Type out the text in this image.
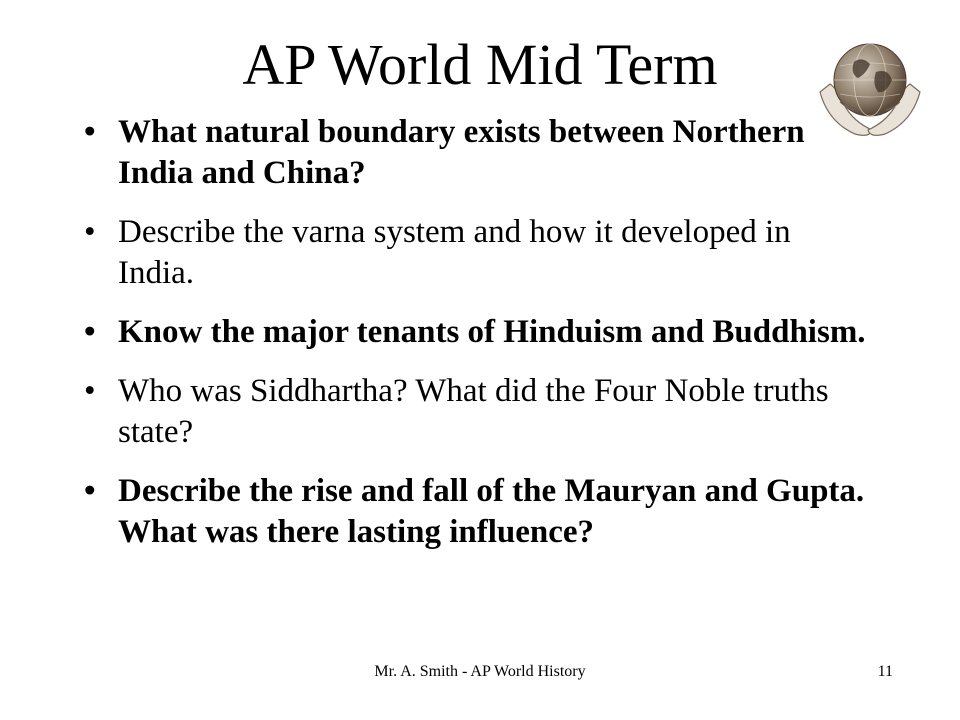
AP World Mid Term
• What natural boundary exists between Northern India and China?
• Describe the varna system and how it developed in India.
• Know the major tenants of Hinduism and Buddhism.
• Who was Siddhartha? What did the Four Noble truths state?
• Describe the rise and fall of the Mauryan and Gupta. What was there lasting influence?
Mr. A. Smith - AP World History	11
